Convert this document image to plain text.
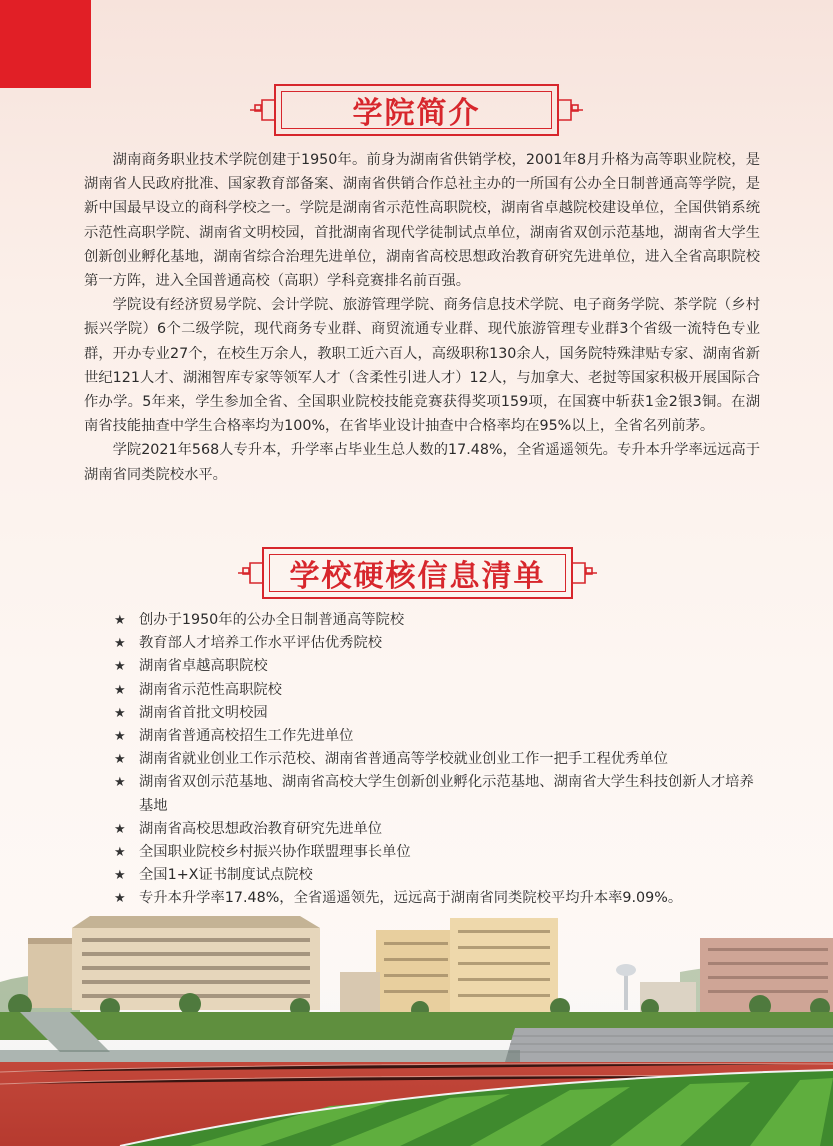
学院简介

湖南商务职业技术学院创建于1950年。前身为湖南省供销学校，2001年8月升格为高等职业院校，是湖南省人民政府批准、国家教育部备案、湖南省供销合作总社主办的一所国有公办全日制普通高等学院，是新中国最早设立的商科学校之一。学院是湖南省示范性高职院校，湖南省卓越院校建设单位，全国供销系统示范性高职学院、湖南省文明校园，首批湖南省现代学徒制试点单位，湖南省双创示范基地，湖南省大学生创新创业孵化基地，湖南省综合治理先进单位，湖南省高校思想政治教育研究先进单位，进入全省高职院校第一方阵，进入全国普通高校（高职）学科竞赛排名前百强。

学院设有经济贸易学院、会计学院、旅游管理学院、商务信息技术学院、电子商务学院、茶学院（乡村振兴学院）6个二级学院，现代商务专业群、商贸流通专业群、现代旅游管理专业群3个省级一流特色专业群，开办专业27个，在校生万余人，教职工近六百人，高级职称130余人，国务院特殊津贴专家、湖南省新世纪121人才、湖湘智库专家等领军人才（含柔性引进人才）12人，与加拿大、老挝等国家积极开展国际合作办学。5年来，学生参加全省、全国职业院校技能竞赛获得奖项159项，在国赛中斩获1金2银3铜。在湖南省技能抽查中学生合格率均为100%，在省毕业设计抽查中合格率均在95%以上，全省名列前茅。

学院2021年568人专升本，升学率占毕业生总人数的17.48%，全省遥遥领先。专升本升学率远远高于湖南省同类院校水平。

学校硬核信息清单
★ 创办于1950年的公办全日制普通高等院校
★ 教育部人才培养工作水平评估优秀院校
★ 湖南省卓越高职院校
★ 湖南省示范性高职院校
★ 湖南省首批文明校园
★ 湖南省普通高校招生工作先进单位
★ 湖南省就业创业工作示范校、湖南省普通高等学校就业创业工作一把手工程优秀单位
★ 湖南省双创示范基地、湖南省高校大学生创新创业孵化示范基地、湖南省大学生科技创新人才培养基地
★ 湖南省高校思想政治教育研究先进单位
★ 全国职业院校乡村振兴协作联盟理事长单位
★ 全国1+X证书制度试点院校
★ 专升本升学率17.48%，全省遥遥领先，远远高于湖南省同类院校平均升本率9.09%。
